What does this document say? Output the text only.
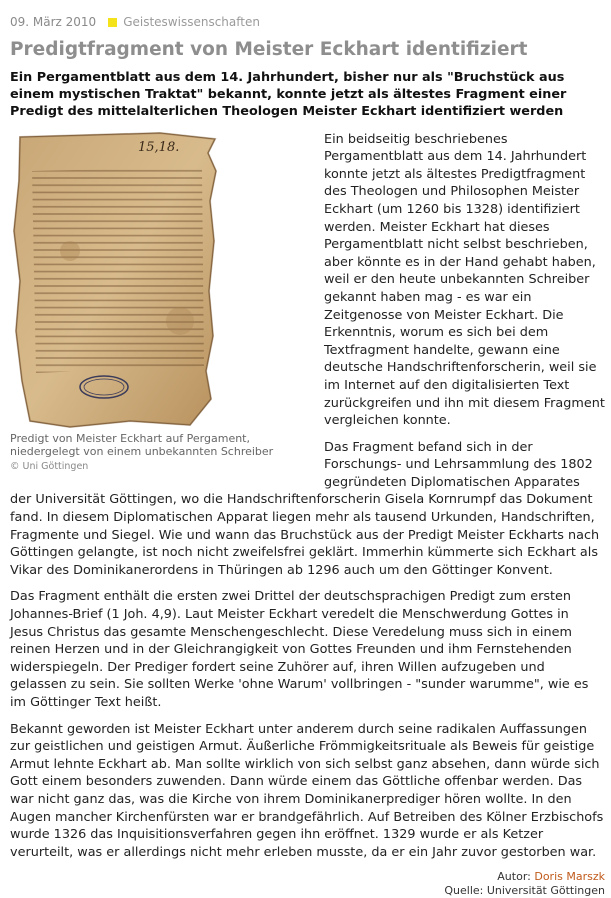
09. März 2010 Geisteswissenschaften
Predigtfragment von Meister Eckhart identifiziert

Ein Pergamentblatt aus dem 14. Jahrhundert, bisher nur als "Bruchstück aus einem mystischen Traktat" bekannt, konnte jetzt als ältestes Fragment einer Predigt des mittelalterlichen Theologen Meister Eckhart identifiziert werden

15,18.
Predigt von Meister Eckhart auf Pergament, niedergelegt von einem unbekannten Schreiber
© Uni Göttingen

Ein beidseitig beschriebenes Pergamentblatt aus dem 14. Jahrhundert konnte jetzt als ältestes Predigtfragment des Theologen und Philosophen Meister Eckhart (um 1260 bis 1328) identifiziert werden. Meister Eckhart hat dieses Pergamentblatt nicht selbst beschrieben, aber könnte es in der Hand gehabt haben, weil er den heute unbekannten Schreiber gekannt haben mag - es war ein Zeitgenosse von Meister Eckhart. Die Erkenntnis, worum es sich bei dem Textfragment handelte, gewann eine deutsche Handschriftenforscherin, weil sie im Internet auf den digitalisierten Text zurückgreifen und ihn mit diesem Fragment vergleichen konnte.

Das Fragment befand sich in der Forschungs- und Lehrsammlung des 1802 gegründeten Diplomatischen Apparates der Universität Göttingen, wo die Handschriftenforscherin Gisela Kornrumpf das Dokument fand. In diesem Diplomatischen Apparat liegen mehr als tausend Urkunden, Handschriften, Fragmente und Siegel. Wie und wann das Bruchstück aus der Predigt Meister Eckharts nach Göttingen gelangte, ist noch nicht zweifelsfrei geklärt. Immerhin kümmerte sich Eckhart als Vikar des Dominikanerordens in Thüringen ab 1296 auch um den Göttinger Konvent.

Das Fragment enthält die ersten zwei Drittel der deutschsprachigen Predigt zum ersten Johannes-Brief (1 Joh. 4,9). Laut Meister Eckhart veredelt die Menschwerdung Gottes in Jesus Christus das gesamte Menschengeschlecht. Diese Veredelung muss sich in einem reinen Herzen und in der Gleichrangigkeit von Gottes Freunden und ihm Fernstehenden widerspiegeln. Der Prediger fordert seine Zuhörer auf, ihren Willen aufzugeben und gelassen zu sein. Sie sollten Werke 'ohne Warum' vollbringen - "sunder warumme", wie es im Göttinger Text heißt.

Bekannt geworden ist Meister Eckhart unter anderem durch seine radikalen Auffassungen zur geistlichen und geistigen Armut. Äußerliche Frömmigkeitsrituale als Beweis für geistige Armut lehnte Eckhart ab. Man sollte wirklich von sich selbst ganz absehen, dann würde sich Gott einem besonders zuwenden. Dann würde einem das Göttliche offenbar werden. Das war nicht ganz das, was die Kirche von ihrem Dominikanerprediger hören wollte. In den Augen mancher Kirchenfürsten war er brandgefährlich. Auf Betreiben des Kölner Erzbischofs wurde 1326 das Inquisitionsverfahren gegen ihn eröffnet. 1329 wurde er als Ketzer verurteilt, was er allerdings nicht mehr erleben musste, da er ein Jahr zuvor gestorben war.

Autor: Doris Marszk
Quelle: Universität Göttingen
